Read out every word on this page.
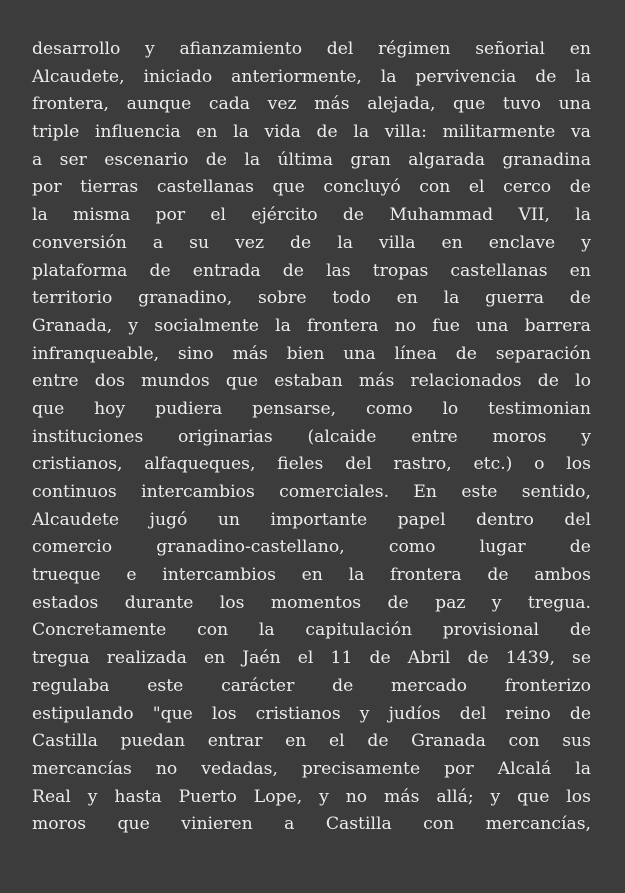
desarrollo y afianzamiento del régimen señorial en
Alcaudete, iniciado anteriormente, la pervivencia de la
frontera, aunque cada vez más alejada, que tuvo una
triple influencia en la vida de la villa: militarmente va
a ser escenario de la última gran algarada granadina
por tierras castellanas que concluyó con el cerco de
la misma por el ejército de Muhammad VII, la
conversión a su vez de la villa en enclave y
plataforma de entrada de las tropas castellanas en
territorio granadino, sobre todo en la guerra de
Granada, y socialmente la frontera no fue una barrera
infranqueable, sino más bien una línea de separación
entre dos mundos que estaban más relacionados de lo
que hoy pudiera pensarse, como lo testimonian
instituciones originarias (alcaide entre moros y
cristianos, alfaqueques, fieles del rastro, etc.) o los
continuos intercambios comerciales. En este sentido,
Alcaudete jugó un importante papel dentro del
comercio	granadino-castellano,	como	lugar	de
trueque e intercambios en la frontera de ambos
estados durante los momentos de paz y tregua.
Concretamente con la capitulación provisional de
tregua realizada en Jaén el 11 de Abril de 1439, se
regulaba este carácter de mercado fronterizo
estipulando "que los cristianos y judíos del reino de
Castilla puedan entrar en el de Granada con sus
mercancías no vedadas, precisamente por Alcalá la
Real y hasta Puerto Lope, y no más allá; y que los
moros que vinieren a Castilla con mercancías,
